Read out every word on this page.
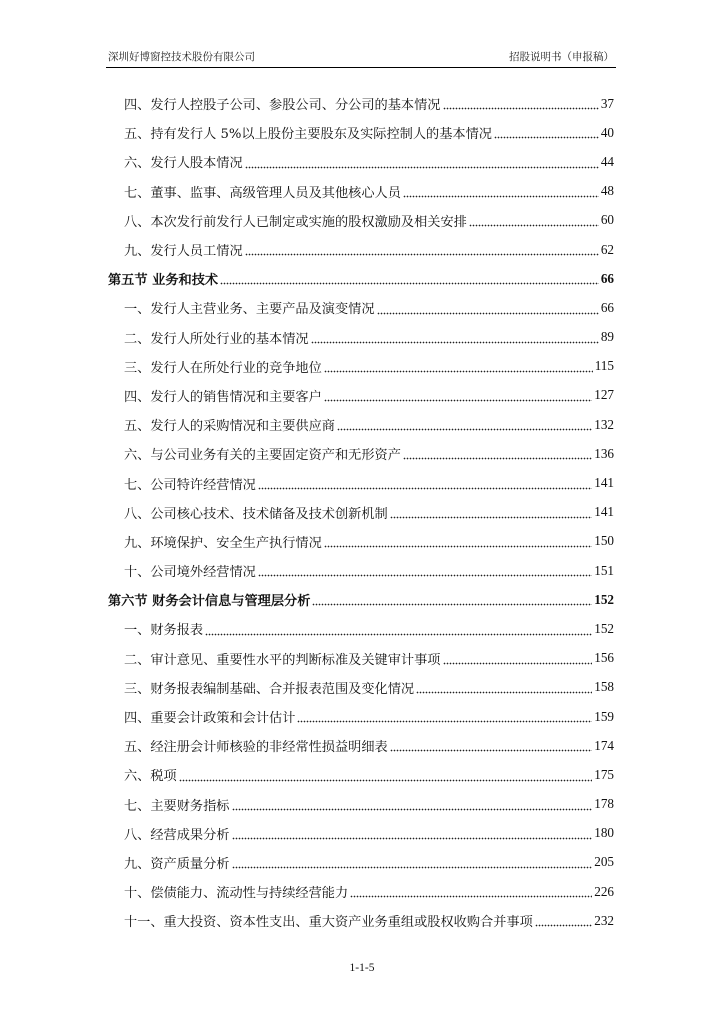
深圳好博窗控技术股份有限公司	招股说明书（申报稿）
四、发行人控股子公司、参股公司、分公司的基本情况	37
五、持有发行人 5%以上股份主要股东及实际控制人的基本情况	40
六、发行人股本情况	44
七、董事、监事、高级管理人员及其他核心人员	48
八、本次发行前发行人已制定或实施的股权激励及相关安排	60
九、发行人员工情况	62
第五节 业务和技术	66
一、发行人主营业务、主要产品及演变情况	66
二、发行人所处行业的基本情况	89
三、发行人在所处行业的竞争地位	115
四、发行人的销售情况和主要客户	127
五、发行人的采购情况和主要供应商	132
六、与公司业务有关的主要固定资产和无形资产	136
七、公司特许经营情况	141
八、公司核心技术、技术储备及技术创新机制	141
九、环境保护、安全生产执行情况	150
十、公司境外经营情况	151
第六节 财务会计信息与管理层分析	152
一、财务报表	152
二、审计意见、重要性水平的判断标准及关键审计事项	156
三、财务报表编制基础、合并报表范围及变化情况	158
四、重要会计政策和会计估计	159
五、经注册会计师核验的非经常性损益明细表	174
六、税项	175
七、主要财务指标	178
八、经营成果分析	180
九、资产质量分析	205
十、偿债能力、流动性与持续经营能力	226
十一、重大投资、资本性支出、重大资产业务重组或股权收购合并事项	232
1-1-5
